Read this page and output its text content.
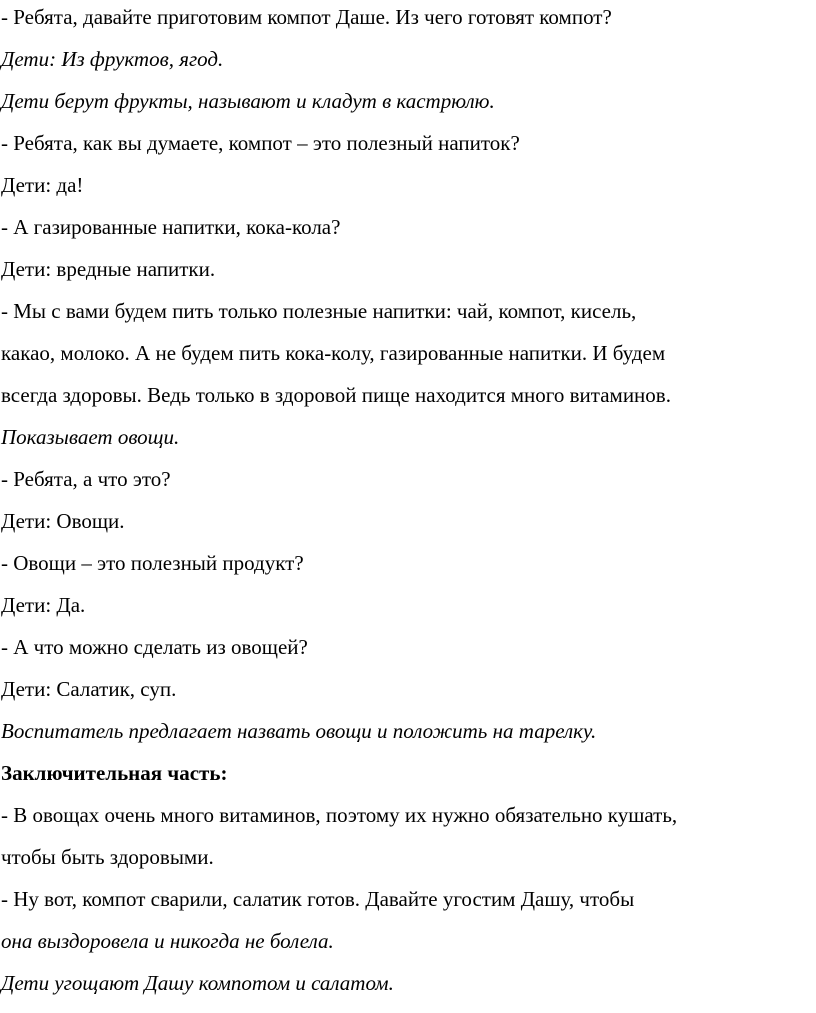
- Ребята, давайте приготовим компот Даше. Из чего готовят компот?

Дети: Из фруктов, ягод.

Дети берут фрукты, называют и кладут в кастрюлю.

- Ребята, как вы думаете, компот – это полезный напиток?

Дети: да!

- А газированные напитки, кока-кола?

Дети: вредные напитки.

- Мы с вами будем пить только полезные напитки: чай, компот, кисель,

какао, молоко. А не будем пить кока-колу, газированные напитки. И будем

всегда здоровы. Ведь только в здоровой пище находится много витаминов.

Показывает овощи.

- Ребята, а что это?

Дети: Овощи.

- Овощи – это полезный продукт?

Дети: Да.

- А что можно сделать из овощей?

Дети: Салатик, суп.

Воспитатель предлагает назвать овощи и положить на тарелку.

Заключительная часть:

- В овощах очень много витаминов, поэтому их нужно обязательно кушать,

чтобы быть здоровыми.

- Ну вот, компот сварили, салатик готов. Давайте угостим Дашу, чтобы

она выздоровела и никогда не болела.

Дети угощают Дашу компотом и салатом.
